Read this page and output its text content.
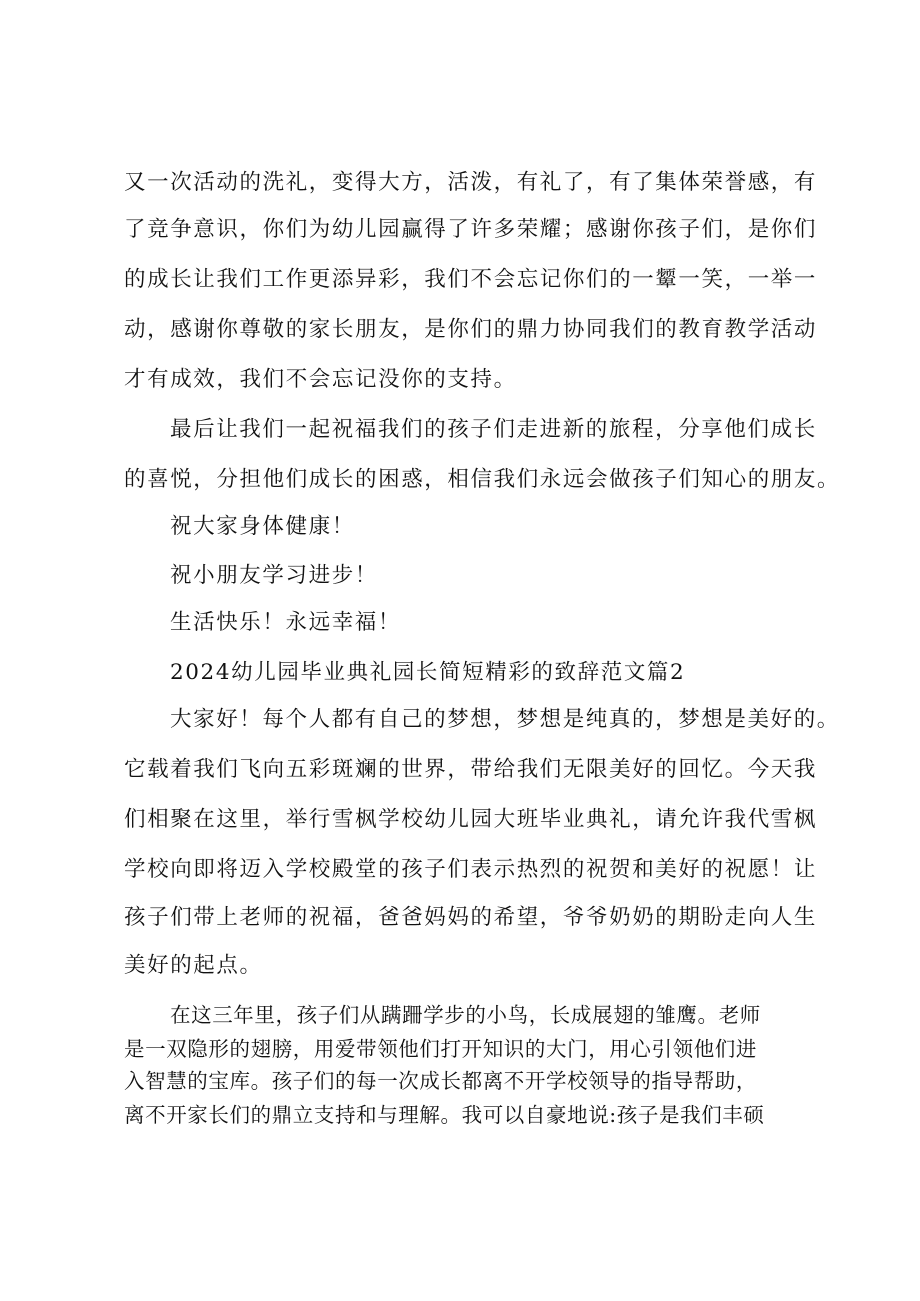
又一次活动的洗礼，变得大方，活泼，有礼了，有了集体荣誉感，有
了竞争意识，你们为幼儿园赢得了许多荣耀；感谢你孩子们，是你们
的成长让我们工作更添异彩，我们不会忘记你们的一颦一笑，一举一
动，感谢你尊敬的家长朋友，是你们的鼎力协同我们的教育教学活动
才有成效，我们不会忘记没你的支持。
最后让我们一起祝福我们的孩子们走进新的旅程，分享他们成长
的喜悦，分担他们成长的困惑，相信我们永远会做孩子们知心的朋友。
祝大家身体健康！
祝小朋友学习进步！
生活快乐！永远幸福！
2024幼儿园毕业典礼园长简短精彩的致辞范文篇2
大家好！每个人都有自己的梦想，梦想是纯真的，梦想是美好的。
它载着我们飞向五彩斑斓的世界，带给我们无限美好的回忆。今天我
们相聚在这里，举行雪枫学校幼儿园大班毕业典礼，请允许我代雪枫
学校向即将迈入学校殿堂的孩子们表示热烈的祝贺和美好的祝愿！让
孩子们带上老师的祝福，爸爸妈妈的希望，爷爷奶奶的期盼走向人生
美好的起点。
在这三年里，孩子们从蹒跚学步的小鸟，长成展翅的雏鹰。老师
是一双隐形的翅膀，用爱带领他们打开知识的大门，用心引领他们进
入智慧的宝库。孩子们的每一次成长都离不开学校领导的指导帮助，
离不开家长们的鼎立支持和与理解。我可以自豪地说:孩子是我们丰硕
